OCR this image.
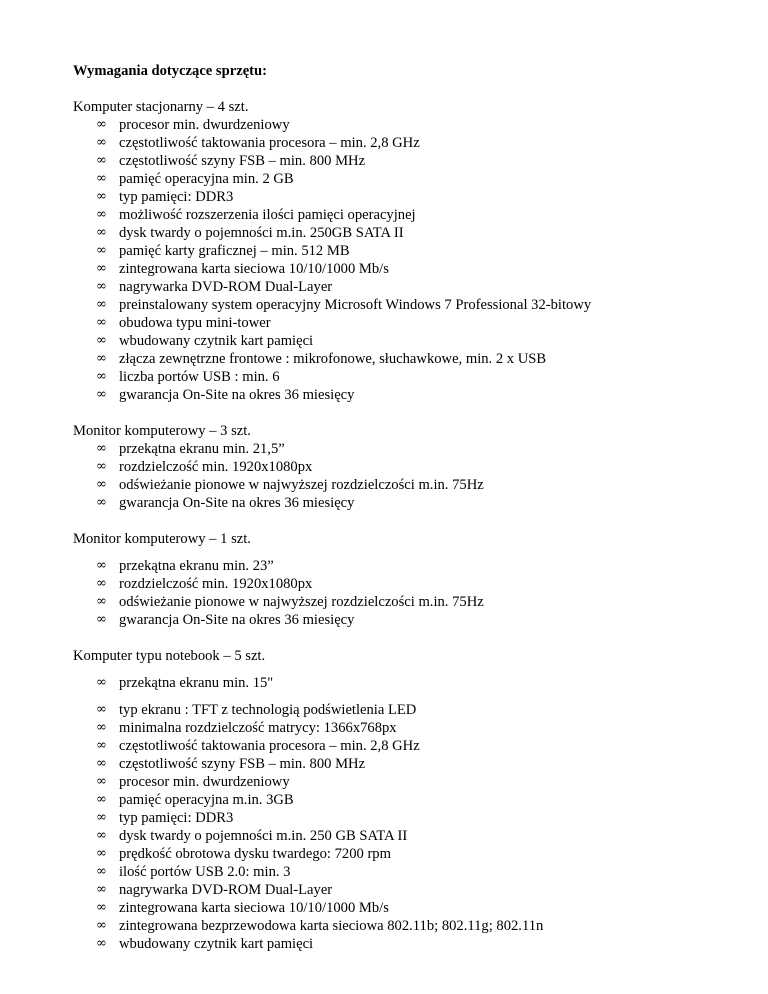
Wymagania dotyczące sprzętu:

Komputer stacjonarny – 4 szt.
∞ procesor min. dwurdzeniowy
∞ częstotliwość taktowania procesora – min. 2,8 GHz
∞ częstotliwość szyny FSB – min. 800 MHz
∞ pamięć operacyjna min. 2 GB
∞ typ pamięci: DDR3
∞ możliwość rozszerzenia ilości pamięci operacyjnej
∞ dysk twardy o pojemności m.in. 250GB SATA II
∞ pamięć karty graficznej – min. 512 MB
∞ zintegrowana karta sieciowa 10/10/1000 Mb/s
∞ nagrywarka DVD-ROM Dual-Layer
∞ preinstalowany system operacyjny Microsoft Windows 7 Professional 32-bitowy
∞ obudowa typu mini-tower
∞ wbudowany czytnik kart pamięci
∞ złącza zewnętrzne frontowe : mikrofonowe, słuchawkowe, min. 2 x USB
∞ liczba portów USB : min. 6
∞ gwarancja On-Site na okres 36 miesięcy
Monitor komputerowy – 3 szt.
∞ przekątna ekranu min. 21,5”
∞ rozdzielczość min. 1920x1080px
∞ odświeżanie pionowe w najwyższej rozdzielczości m.in. 75Hz
∞ gwarancja On-Site na okres 36 miesięcy
Monitor komputerowy – 1 szt.
∞ przekątna ekranu min. 23”
∞ rozdzielczość min. 1920x1080px
∞ odświeżanie pionowe w najwyższej rozdzielczości m.in. 75Hz
∞ gwarancja On-Site na okres 36 miesięcy
Komputer typu notebook – 5 szt.
∞ przekątna ekranu min. 15"
∞ typ ekranu : TFT z technologią podświetlenia LED
∞ minimalna rozdzielczość matrycy: 1366x768px
∞ częstotliwość taktowania procesora – min. 2,8 GHz
∞ częstotliwość szyny FSB – min. 800 MHz
∞ procesor min. dwurdzeniowy
∞ pamięć operacyjna m.in. 3GB
∞ typ pamięci: DDR3
∞ dysk twardy o pojemności m.in. 250 GB SATA II
∞ prędkość obrotowa dysku twardego: 7200 rpm
∞ ilość portów USB 2.0: min. 3
∞ nagrywarka DVD-ROM Dual-Layer
∞ zintegrowana karta sieciowa 10/10/1000 Mb/s
∞ zintegrowana bezprzewodowa karta sieciowa 802.11b; 802.11g; 802.11n
∞ wbudowany czytnik kart pamięci
